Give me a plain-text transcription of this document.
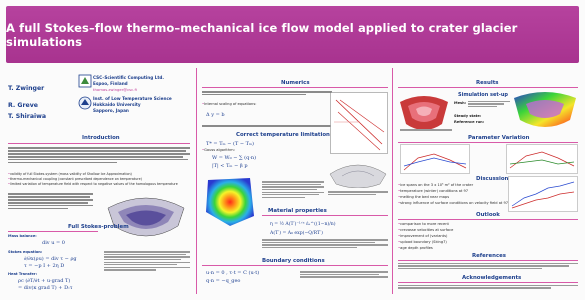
A full Stokes–flow thermo–mechanical ice flow model applied to crater glacier simulations
T. Zwinger
R. Greve
T. Shiraiwa
CSC–Scientific Computing Ltd.
Espoo, Finland
thomas.zwinger@csc.fi
Inst. of Low Temperature Science
Hokkaido University
Sapporo, Japan
Introduction
• validity of full Stokes-system (mass validity of Shallow Ice Approximation)
• thermo-mechanical coupling (constant prescribed dependence on temperature)
• limited variation of temperature field with respect to negative values of the homologous temperature
Full Stokes-problem
Mass balance:
div u = 0
Stokes equation:
∂/∂x(ρu) = div τ − ρg
τ = −p I + 2η D
Heat Transfer:
ρc (∂T/∂t + u·grad T)
= div(κ grad T) + D:τ
Numerics
• Internal scaling of equations:
Δ y = b
Correct temperature limitation
T* = Tₘ − (T − Tₘ)
• Gauss algorithm:
W = W₀ − ∑ (q·n)
|T| < Tₘ − β p
Material properties
η = ½ A(T′)⁻¹ᐟⁿ ε̇ₑ^((1−n)/n)
A(T′) = A₀ exp(−Q/RT′)
Boundary conditions
u·n = 0 , τ·t = C (u·t)
q·n = −q_geo
Results
Simulation set-up
Mesh:
Steady state:
Reference run:
Parameter Variation
Discussion
• ice spans on the 3 x 10⁵ m² of the crater
• temperature (winter) conditions at 97
• melting the bed near maps
• strong influence of surface conditions on velocity field at 97
Outlook
• comparison to more recent
• crevasse velocities at surface
• improvement of (variants)
• upload boundary (Sking7)
• age depth profiles
References
Acknowledgements
